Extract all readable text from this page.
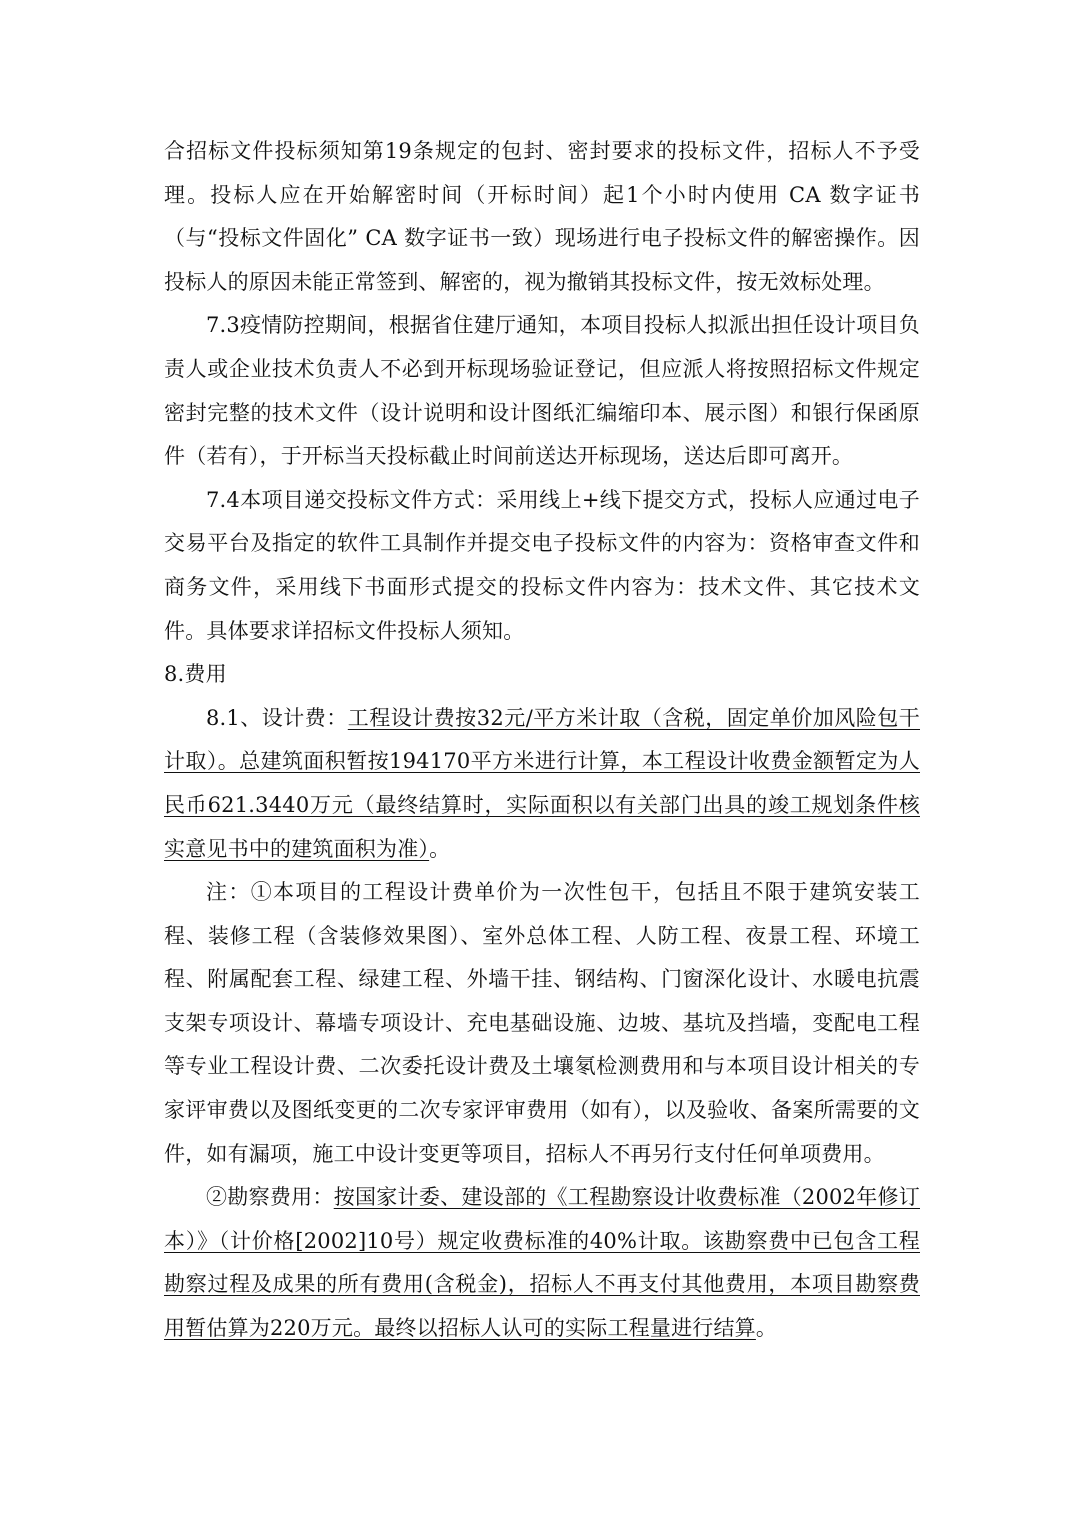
合招标文件投标须知第19条规定的包封、密封要求的投标文件，招标人不予受理。投标人应在开始解密时间（开标时间）起1个小时内使用 CA 数字证书（与“投标文件固化” CA 数字证书一致）现场进行电子投标文件的解密操作。因投标人的原因未能正常签到、解密的，视为撤销其投标文件，按无效标处理。

7.3疫情防控期间，根据省住建厅通知，本项目投标人拟派出担任设计项目负责人或企业技术负责人不必到开标现场验证登记，但应派人将按照招标文件规定密封完整的技术文件（设计说明和设计图纸汇编缩印本、展示图）和银行保函原件（若有），于开标当天投标截止时间前送达开标现场，送达后即可离开。

7.4本项目递交投标文件方式：采用线上+线下提交方式，投标人应通过电子交易平台及指定的软件工具制作并提交电子投标文件的内容为：资格审查文件和商务文件，采用线下书面形式提交的投标文件内容为：技术文件、其它技术文件。具体要求详招标文件投标人须知。

8.费用

8.1、设计费：工程设计费按32元/平方米计取（含税，固定单价加风险包干计取）。总建筑面积暂按194170平方米进行计算，本工程设计收费金额暂定为人民币621.3440万元（最终结算时，实际面积以有关部门出具的竣工规划条件核实意见书中的建筑面积为准）。

注：①本项目的工程设计费单价为一次性包干，包括且不限于建筑安装工程、装修工程（含装修效果图）、室外总体工程、人防工程、夜景工程、环境工程、附属配套工程、绿建工程、外墙干挂、钢结构、门窗深化设计、水暖电抗震支架专项设计、幕墙专项设计、充电基础设施、边坡、基坑及挡墙，变配电工程等专业工程设计费、二次委托设计费及土壤氡检测费用和与本项目设计相关的专家评审费以及图纸变更的二次专家评审费用（如有），以及验收、备案所需要的文件，如有漏项，施工中设计变更等项目，招标人不再另行支付任何单项费用。

②勘察费用：按国家计委、建设部的《工程勘察设计收费标准（2002年修订本）》（计价格[2002]10号）规定收费标准的40%计取。该勘察费中已包含工程勘察过程及成果的所有费用(含税金)，招标人不再支付其他费用，本项目勘察费用暂估算为220万元。最终以招标人认可的实际工程量进行结算。
